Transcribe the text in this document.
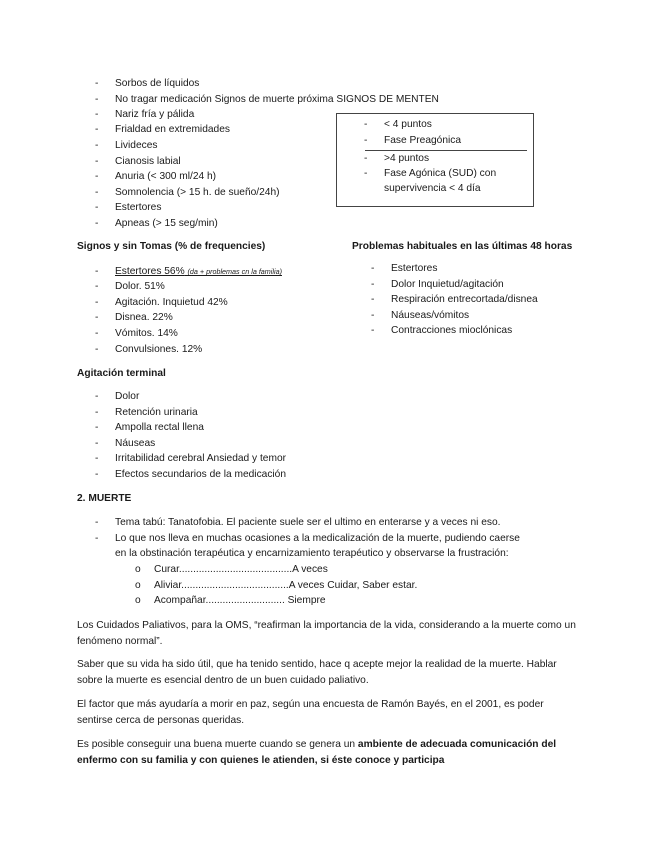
- Sorbos de líquidos
- No tragar medicación Signos de muerte próxima SIGNOS DE MENTEN
- Nariz fría y pálida
- Frialdad en extremidades
- Livideces
- Cianosis labial
- Anuria (< 300 ml/24 h)
- Somnolencia (> 15 h. de sueño/24h)
- Estertores
- Apneas (> 15 seg/min)
- < 4 puntos
- Fase Preagónica
- >4 puntos
- Fase Agónica (SUD) con
supervivencia < 4 día
Signos y sin Tomas (% de frequencies)	Problemas habituales en las últimas 48 horas
- Estertores 56% (da + problemas cn la familia)
- Dolor. 51%
- Agitación. Inquietud 42%
- Disnea. 22%
- Vómitos. 14%
- Convulsiones. 12%
- Estertores
- Dolor Inquietud/agitación
- Respiración entrecortada/disnea
- Náuseas/vómitos
- Contracciones mioclónicas
Agitación terminal
- Dolor
- Retención urinaria
- Ampolla rectal llena
- Náuseas
- Irritabilidad cerebral Ansiedad y temor
- Efectos secundarios de la medicación
2. MUERTE
- Tema tabú: Tanatofobia. El paciente suele ser el ultimo en enterarse y a veces ni eso.
- Lo que nos lleva en muchas ocasiones a la medicalización de la muerte, pudiendo caerse
en la obstinación terapéutica y encarnizamiento terapéutico y observarse la frustración:
o Curar........................................A veces
o Aliviar......................................A veces Cuidar, Saber estar.
o Acompañar............................ Siempre
Los Cuidados Paliativos, para la OMS, “reafirman la importancia de la vida, considerando a la muerte como un fenómeno normal”.
Saber que su vida ha sido útil, que ha tenido sentido, hace q acepte mejor la realidad de la muerte. Hablar sobre la muerte es esencial dentro de un buen cuidado paliativo.
El factor que más ayudaría a morir en paz, según una encuesta de Ramón Bayés, en el 2001, es poder sentirse cerca de personas queridas.
Es posible conseguir una buena muerte cuando se genera un ambiente de adecuada comunicación del enfermo con su familia y con quienes le atienden, si éste conoce y participa
